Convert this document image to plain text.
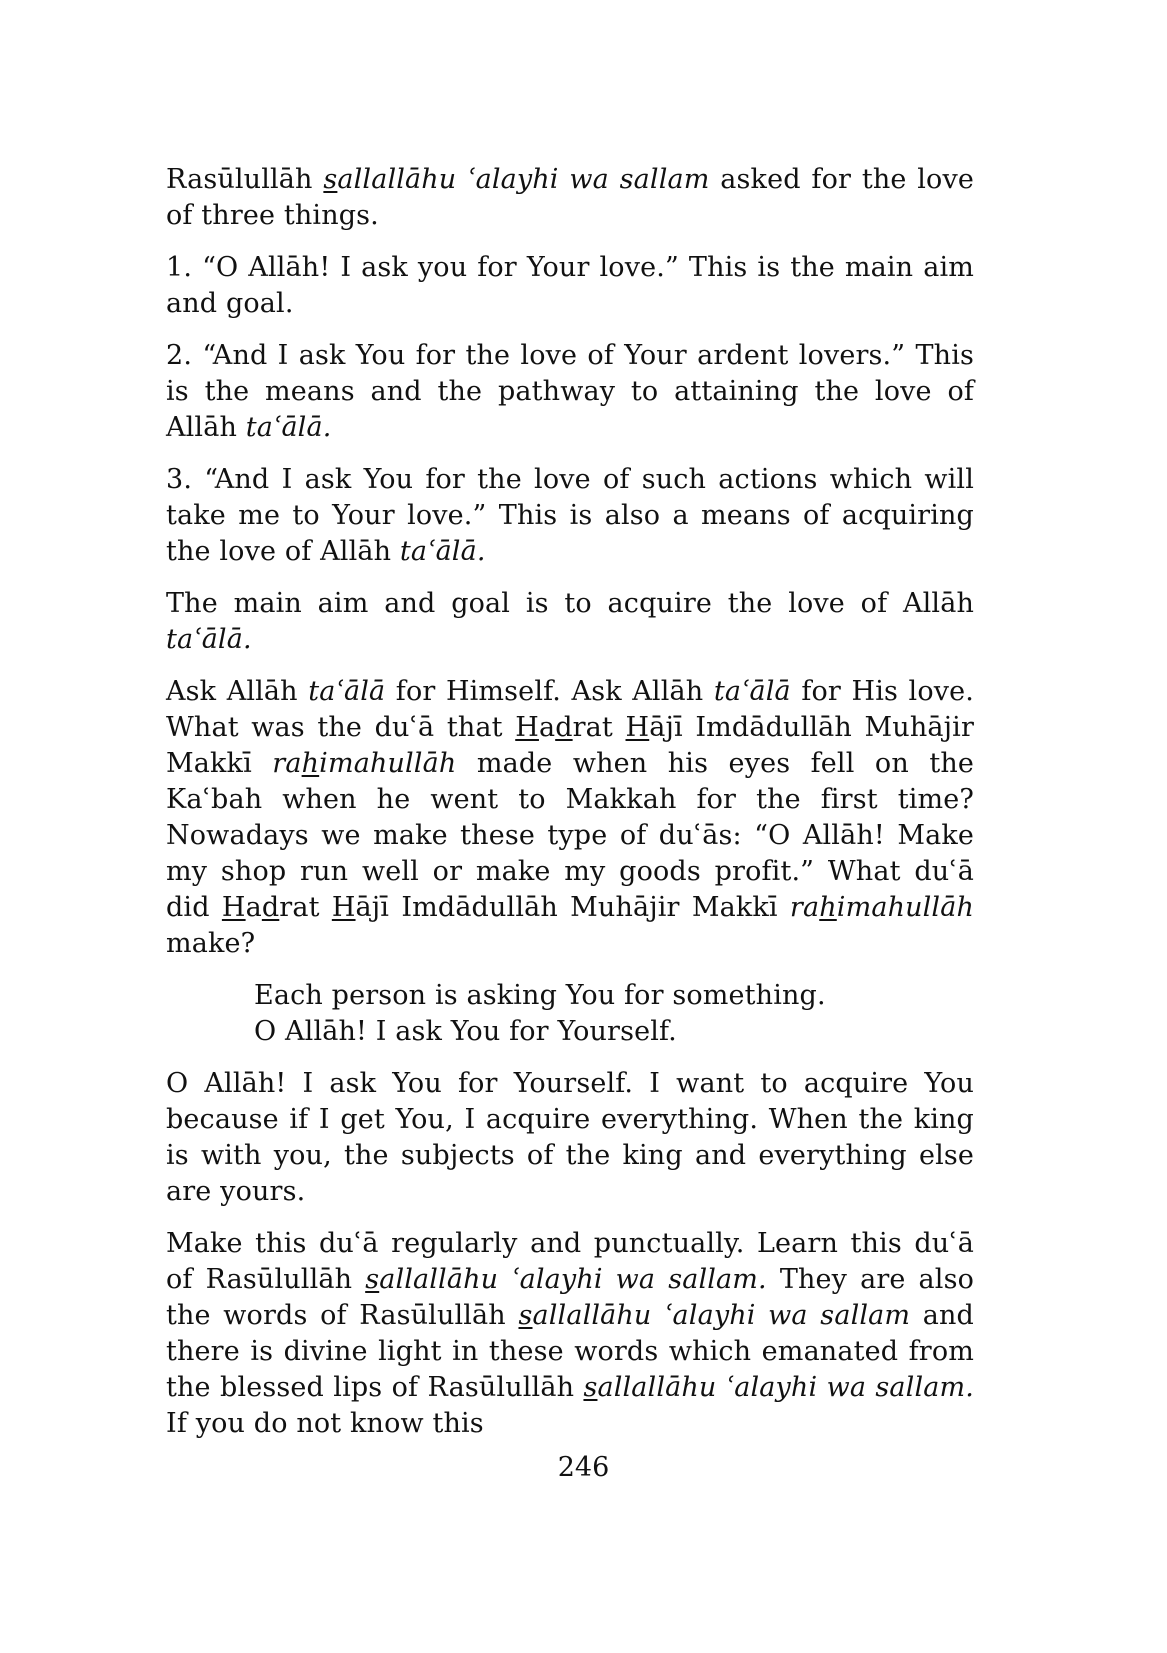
Rasūlullāh sallallāhu ʿalayhi wa sallam asked for the love of three things.

1. “O Allāh! I ask you for Your love.” This is the main aim and goal.

2. “And I ask You for the love of Your ardent lovers.” This is the means and the pathway to attaining the love of Allāh taʿālā.

3. “And I ask You for the love of such actions which will take me to Your love.” This is also a means of acquiring the love of Allāh taʿālā.

The main aim and goal is to acquire the love of Allāh taʿālā.

Ask Allāh taʿālā for Himself. Ask Allāh taʿālā for His love. What was the duʿā that Hadrat Hājī Imdādullāh Muhājir Makkī rahimahullāh made when his eyes fell on the Kaʿbah when he went to Makkah for the first time? Nowadays we make these type of duʿās: “O Allāh! Make my shop run well or make my goods profit.” What duʿā did Hadrat Hājī Imdādullāh Muhājir Makkī rahimahullāh make?

Each person is asking You for something.
O Allāh! I ask You for Yourself.

O Allāh! I ask You for Yourself. I want to acquire You because if I get You, I acquire everything. When the king is with you, the subjects of the king and everything else are yours.

Make this duʿā regularly and punctually. Learn this duʿā of Rasūlullāh sallallāhu ʿalayhi wa sallam. They are also the words of Rasūlullāh sallallāhu ʿalayhi wa sallam and there is divine light in these words which emanated from the blessed lips of Rasūlullāh sallallāhu ʿalayhi wa sallam. If you do not know this

246
